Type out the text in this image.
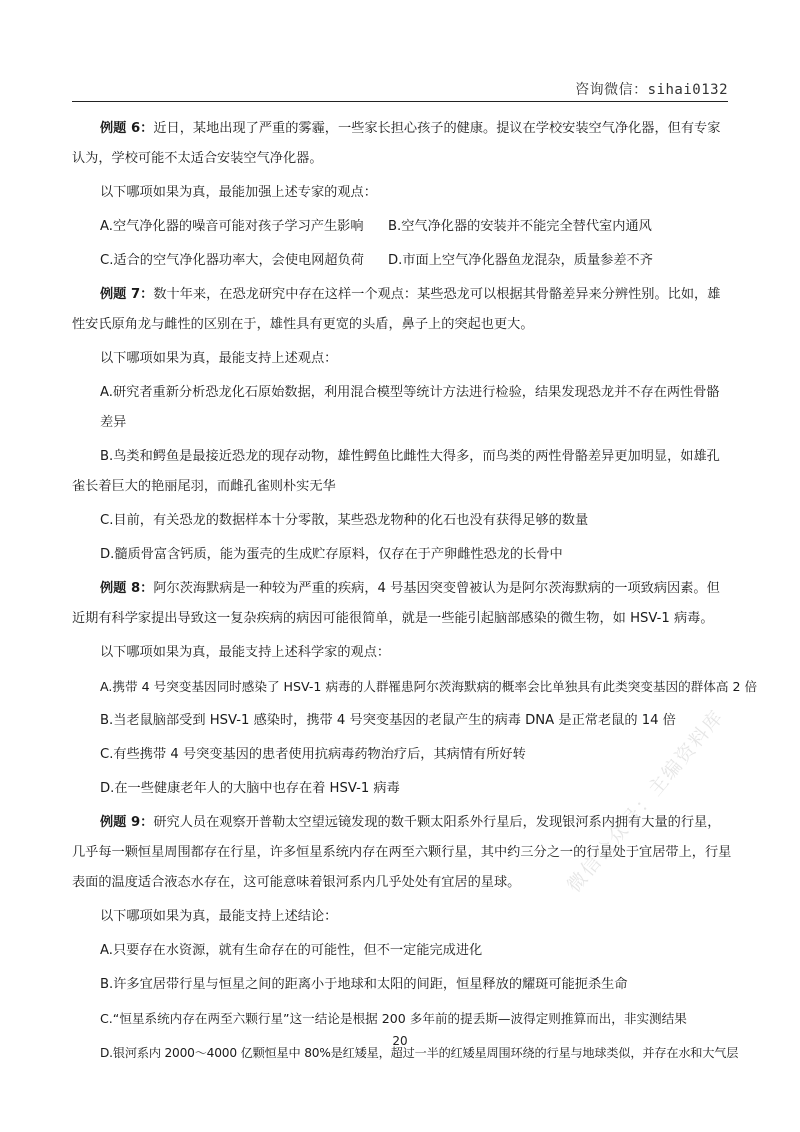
咨询微信：sihai0132

例题 6：近日，某地出现了严重的雾霾，一些家长担心孩子的健康。提议在学校安装空气净化器，但有专家认为，学校可能不太适合安装空气净化器。

以下哪项如果为真，最能加强上述专家的观点：

A.空气净化器的噪音可能对孩子学习产生影响	B.空气净化器的安装并不能完全替代室内通风
C.适合的空气净化器功率大，会使电网超负荷	D.市面上空气净化器鱼龙混杂，质量参差不齐

例题 7：数十年来，在恐龙研究中存在这样一个观点：某些恐龙可以根据其骨骼差异来分辨性别。比如，雄性安氏原角龙与雌性的区别在于，雄性具有更宽的头盾，鼻子上的突起也更大。

以下哪项如果为真，最能支持上述观点：

A.研究者重新分析恐龙化石原始数据，利用混合模型等统计方法进行检验，结果发现恐龙并不存在两性骨骼差异
B.鸟类和鳄鱼是最接近恐龙的现存动物，雄性鳄鱼比雌性大得多，而鸟类的两性骨骼差异更加明显，如雄孔雀长着巨大的艳丽尾羽，而雌孔雀则朴实无华
C.目前，有关恐龙的数据样本十分零散，某些恐龙物种的化石也没有获得足够的数量
D.髓质骨富含钙质，能为蛋壳的生成贮存原料，仅存在于产卵雌性恐龙的长骨中

例题 8：阿尔茨海默病是一种较为严重的疾病，4 号基因突变曾被认为是阿尔茨海默病的一项致病因素。但近期有科学家提出导致这一复杂疾病的病因可能很简单，就是一些能引起脑部感染的微生物，如 HSV-1 病毒。

以下哪项如果为真，最能支持上述科学家的观点：

A.携带 4 号突变基因同时感染了 HSV-1 病毒的人群罹患阿尔茨海默病的概率会比单独具有此类突变基因的群体高 2 倍
B.当老鼠脑部受到 HSV-1 感染时，携带 4 号突变基因的老鼠产生的病毒 DNA 是正常老鼠的 14 倍
C.有些携带 4 号突变基因的患者使用抗病毒药物治疗后，其病情有所好转
D.在一些健康老年人的大脑中也存在着 HSV-1 病毒

例题 9：研究人员在观察开普勒太空望远镜发现的数千颗太阳系外行星后，发现银河系内拥有大量的行星，几乎每一颗恒星周围都存在行星，许多恒星系统内存在两至六颗行星，其中约三分之一的行星处于宜居带上，行星表面的温度适合液态水存在，这可能意味着银河系内几乎处处有宜居的星球。

以下哪项如果为真，最能支持上述结论：

A.只要存在水资源，就有生命存在的可能性，但不一定能完成进化
B.许多宜居带行星与恒星之间的距离小于地球和太阳的间距，恒星释放的耀斑可能扼杀生命
C.“恒星系统内存在两至六颗行星”这一结论是根据 200 多年前的提丢斯—波得定则推算而出，非实测结果
D.银河系内 2000～4000 亿颗恒星中 80%是红矮星，超过一半的红矮星周围环绕的行星与地球类似，并存在水和大气层
20
微信公众号：主编资料库
